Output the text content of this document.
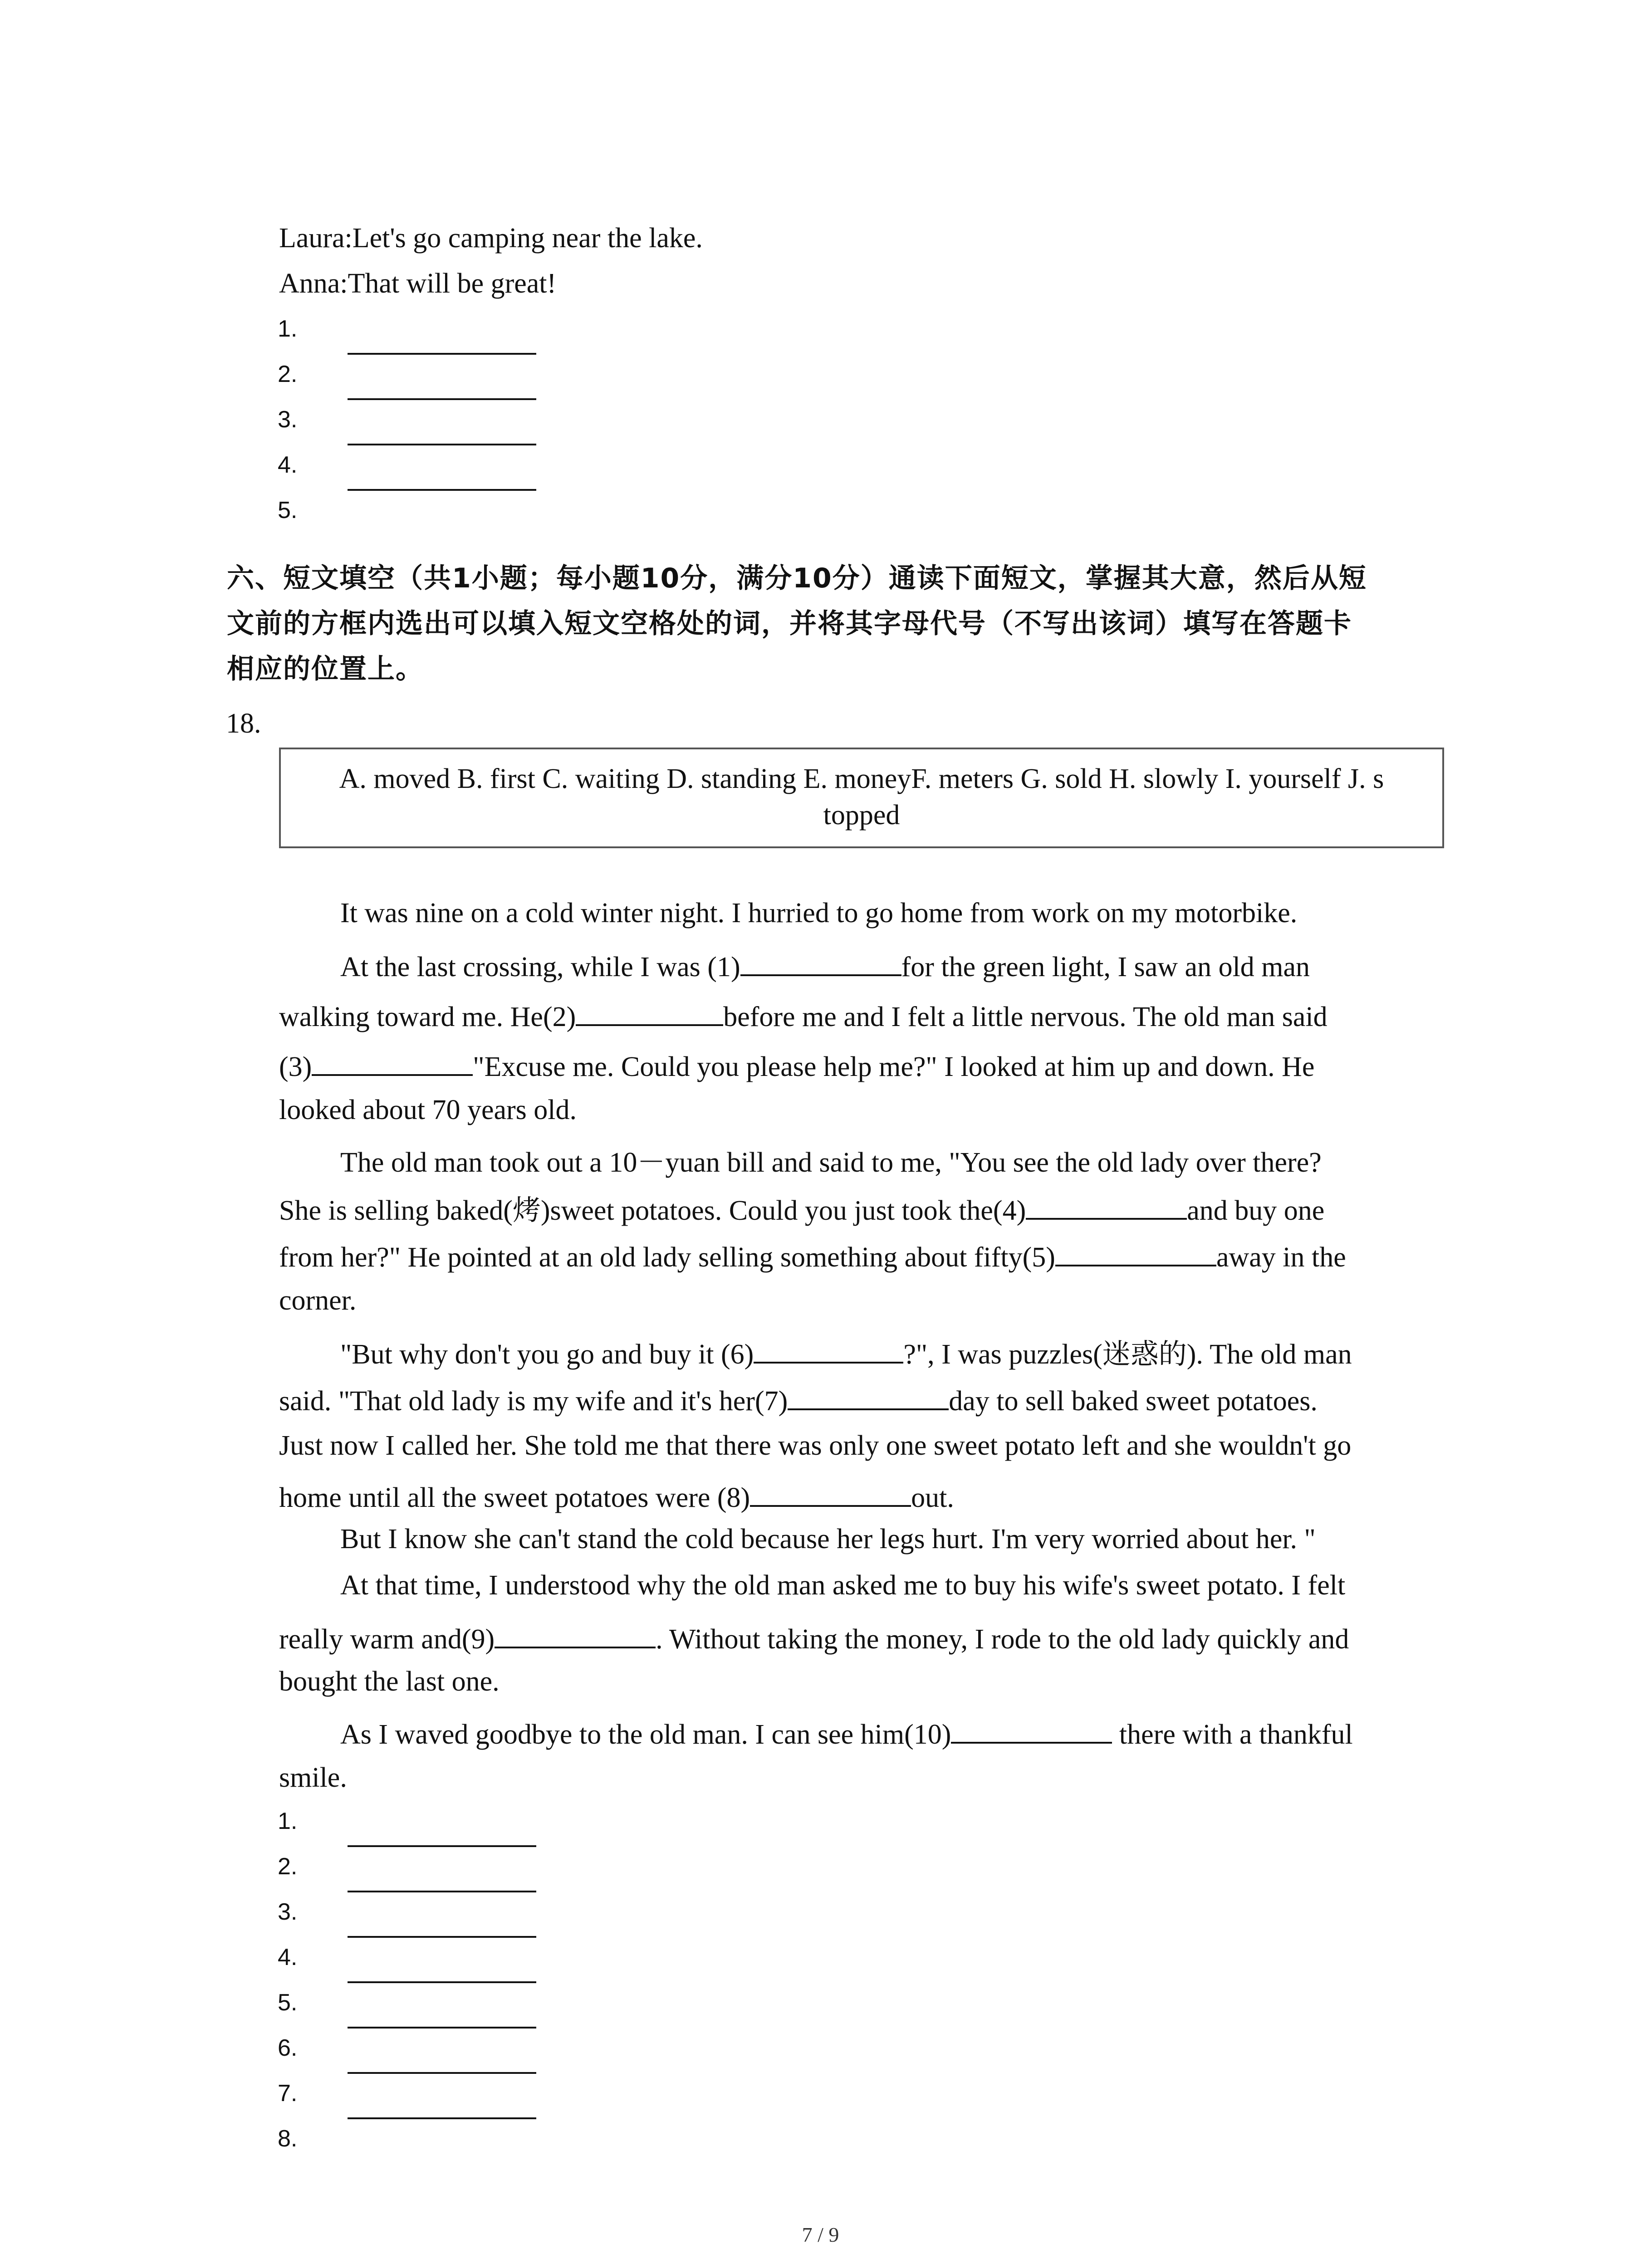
Laura:Let's go camping near the lake.
Anna:That will be great!
1.
2.
3.
4.
5.
六、短文填空（共1小题；每小题10分，满分10分）通读下面短文，掌握其大意，然后从短
文前的方框内选出可以填入短文空格处的词，并将其字母代号（不写出该词）填写在答题卡
相应的位置上。
18.
A. moved B. first C. waiting D. standing E. moneyF. meters G. sold H. slowly I. yourself J. s
topped
It was nine on a cold winter night. I hurried to go home from work on my motorbike.
At the last crossing, while I was (1)	for the green light, I saw an old man
walking toward me. He(2)	before me and I felt a little nervous. The old man said
(3)	"Excuse me. Could you please help me?" I looked at him up and down. He
looked about 70 years old.
The old man took out a 10－yuan bill and said to me, "You see the old lady over there?
She is selling baked(烤)sweet potatoes. Could you just took the(4)	and buy one
from her?" He pointed at an old lady selling something about fifty(5)	away in the
corner.
"But why don't you go and buy it (6)	?", I was puzzles(迷惑的). The old man
said. "That old lady is my wife and it's her(7)	day to sell baked sweet potatoes.
Just now I called her. She told me that there was only one sweet potato left and she wouldn't go
home until all the sweet potatoes were (8)	out.
But I know she can't stand the cold because her legs hurt. I'm very worried about her. "
At that time, I understood why the old man asked me to buy his wife's sweet potato. I felt
really warm and(9)	. Without taking the money, I rode to the old lady quickly and
bought the last one.
As I waved goodbye to the old man. I can see him(10)	there with a thankful
smile.
1.
2.
3.
4.
5.
6.
7.
8.
7 / 9
